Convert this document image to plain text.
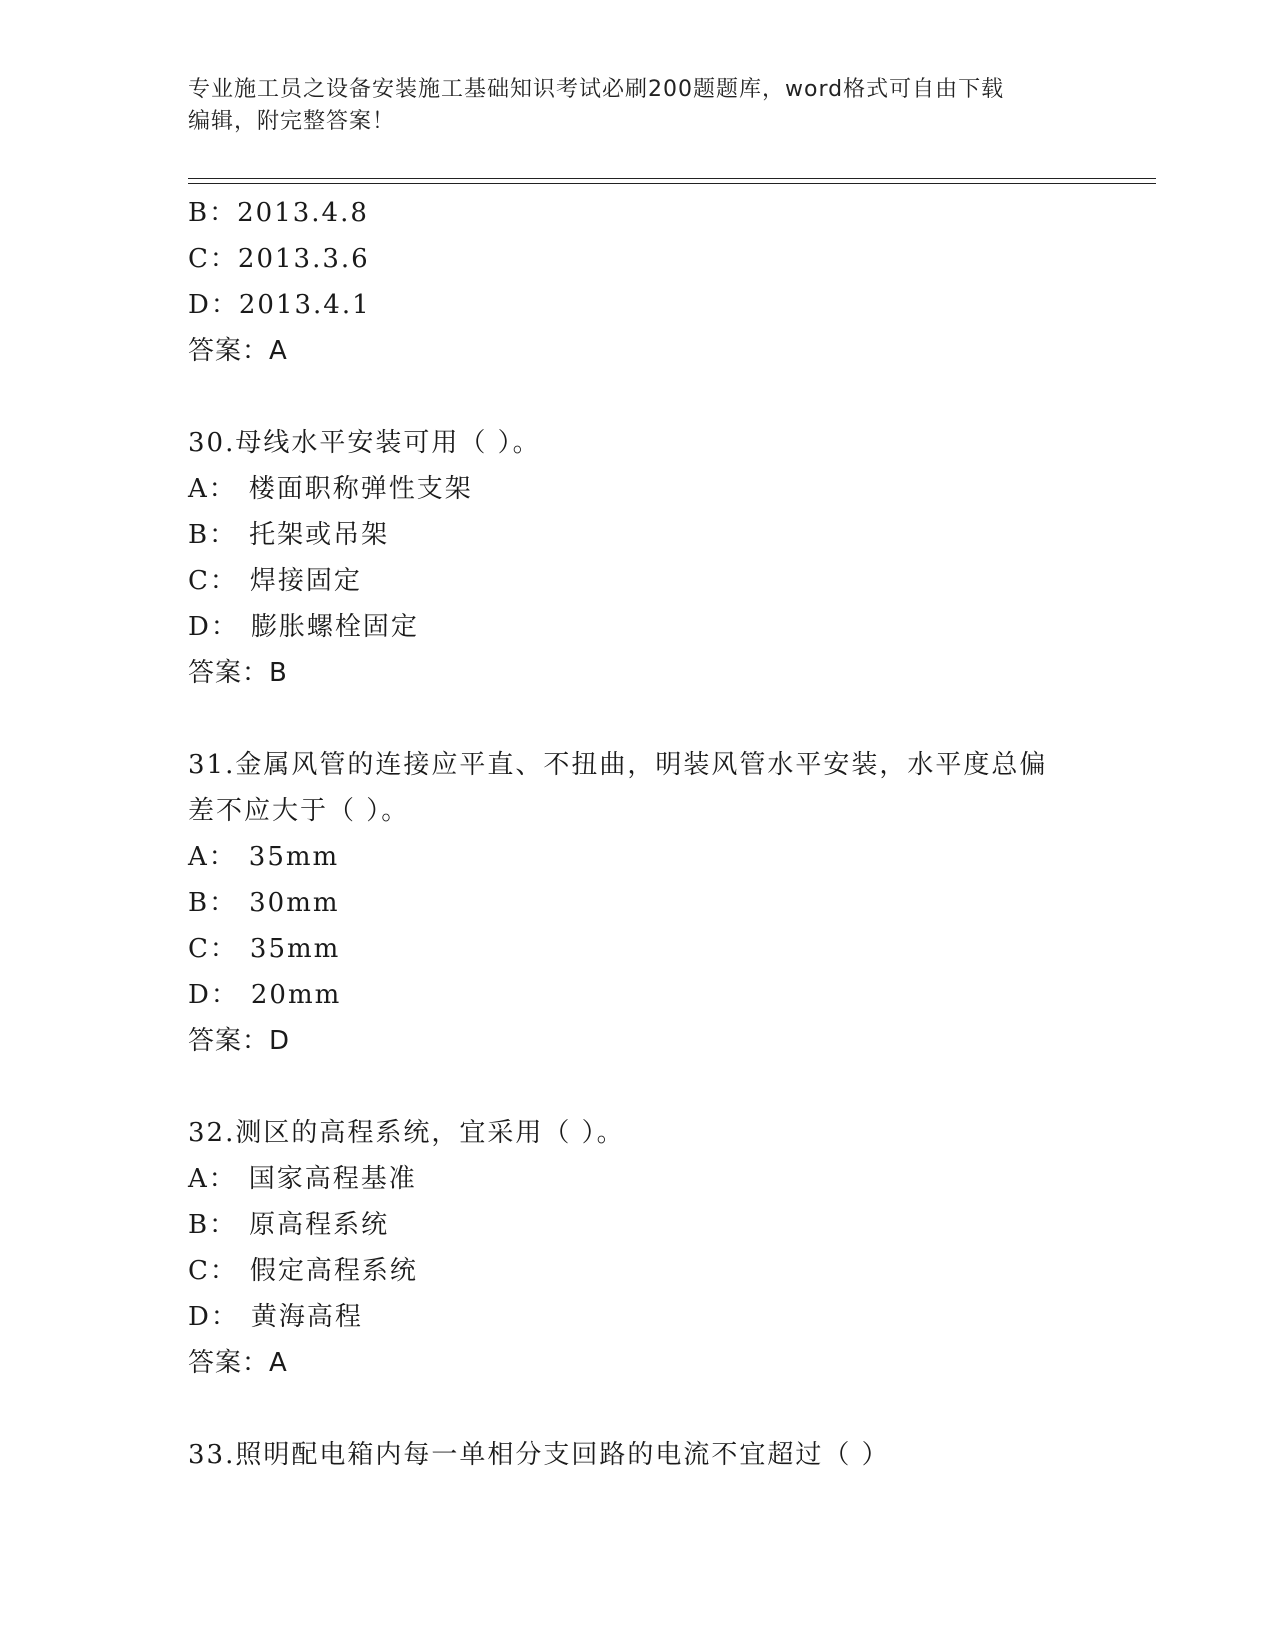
专业施工员之设备安装施工基础知识考试必刷200题题库，word格式可自由下载
编辑，附完整答案！
B：2013.4.8
C：2013.3.6
D：2013.4.1
答案：A
30.母线水平安装可用（ ）。
A： 楼面职称弹性支架
B： 托架或吊架
C： 焊接固定
D： 膨胀螺栓固定
答案：B
31.金属风管的连接应平直、不扭曲，明装风管水平安装，水平度总偏
差不应大于（ ）。
A： 35mm
B： 30mm
C： 35mm
D： 20mm
答案：D
32.测区的高程系统，宜采用（ ）。
A： 国家高程基准
B： 原高程系统
C： 假定高程系统
D： 黄海高程
答案：A
33.照明配电箱内每一单相分支回路的电流不宜超过（ ）
